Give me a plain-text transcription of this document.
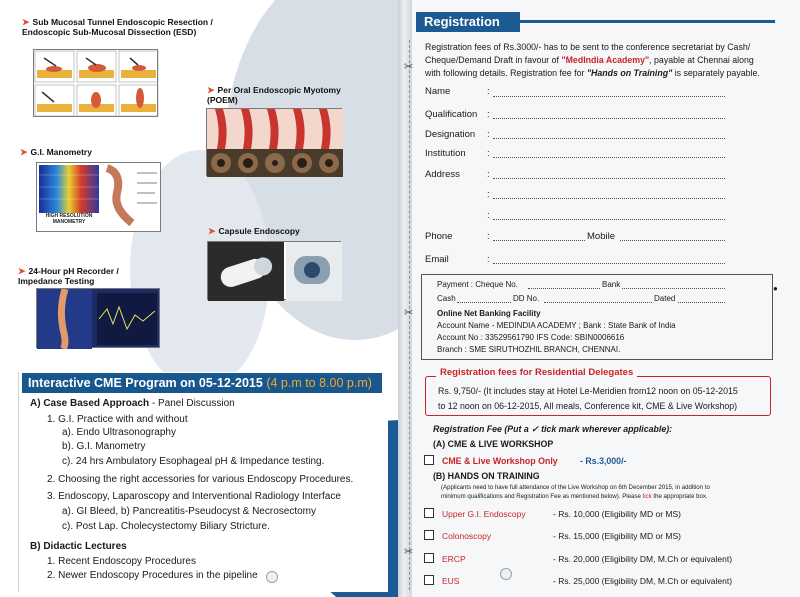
➤ Sub Mucosal Tunnel Endoscopic Resection /
Endoscopic Sub-Mucosal Dissection (ESD)
➤ Per Oral Endoscopic Myotomy
(POEM)
➤ G.I. Manometry
➤ Capsule Endoscopy
➤ 24-Hour pH Recorder /
Impedance Testing
HIGH RESOLUTION
MANOMETRY
Interactive CME Program on 05-12-2015 (4 p.m to 8.00 p.m)
A) Case Based Approach - Panel Discussion
1. G.I. Practice with and without
a). Endo Ultrasonography
b). G.I. Manometry
c). 24 hrs Ambulatory Esophageal pH & Impedance testing.
2. Choosing the right accessories for various Endoscopy Procedures.
3. Endoscopy, Laparoscopy and Interventional Radiology Interface
a). GI Bleed, b) Pancreatitis-Pseudocyst & Necrosectomy
c). Post Lap. Cholecystectomy Biliary Stricture.
B) Didactic Lectures
1. Recent Endoscopy Procedures
2. Newer Endoscopy Procedures in the pipeline
✂
✂
✂
Registration
Registration fees of Rs.3000/- has to be sent to the conference secretariat by Cash/
Cheque/Demand Draft in favour of "MedIndia Academy", payable at Chennai along
with following details. Registration fee for "Hands on Training" is separately payable.
Name	:
Qualification :
Designation :
Institution :
Address	:
:
:
Phone	:	Mobile
Email	:
Payment : Cheque No.	Bank
Cash	DD No.	Dated
Online Net Banking Facility
Account Name - MEDINDIA ACADEMY ; Bank : State Bank of India
Account No : 33529561790 IFS Code: SBIN0006616
Branch : SME SIRUTHOZHIL BRANCH, CHENNAI.
●
Registration fees for Residential Delegates
Rs. 9,750/- (It includes stay at Hotel Le-Meridien from12 noon on 05-12-2015
to 12 noon on 06-12-2015, All meals, Conference kit, CME & Live Workshop)
Registration Fee (Put a ✓ tick mark wherever applicable):
(A) CME & LIVE WORKSHOP
CME & Live Workshop Only	- Rs.3,000/-
(B) HANDS ON TRAINING
(Applicants need to have full attendance of the Live Workshop on 6th December 2015, in addition to
minimum qualifications and Registration Fee as mentioned below). Please tick the appropriate box.
Upper G.I. Endoscopy	- Rs. 10,000 (Eligibility MD or MS)
Colonoscopy	- Rs. 15,000 (Eligibility MD or MS)
ERCP	- Rs. 20,000 (Eligibility DM, M.Ch or equivalent)
EUS	- Rs. 25,000 (Eligibility DM, M.Ch or equivalent)
